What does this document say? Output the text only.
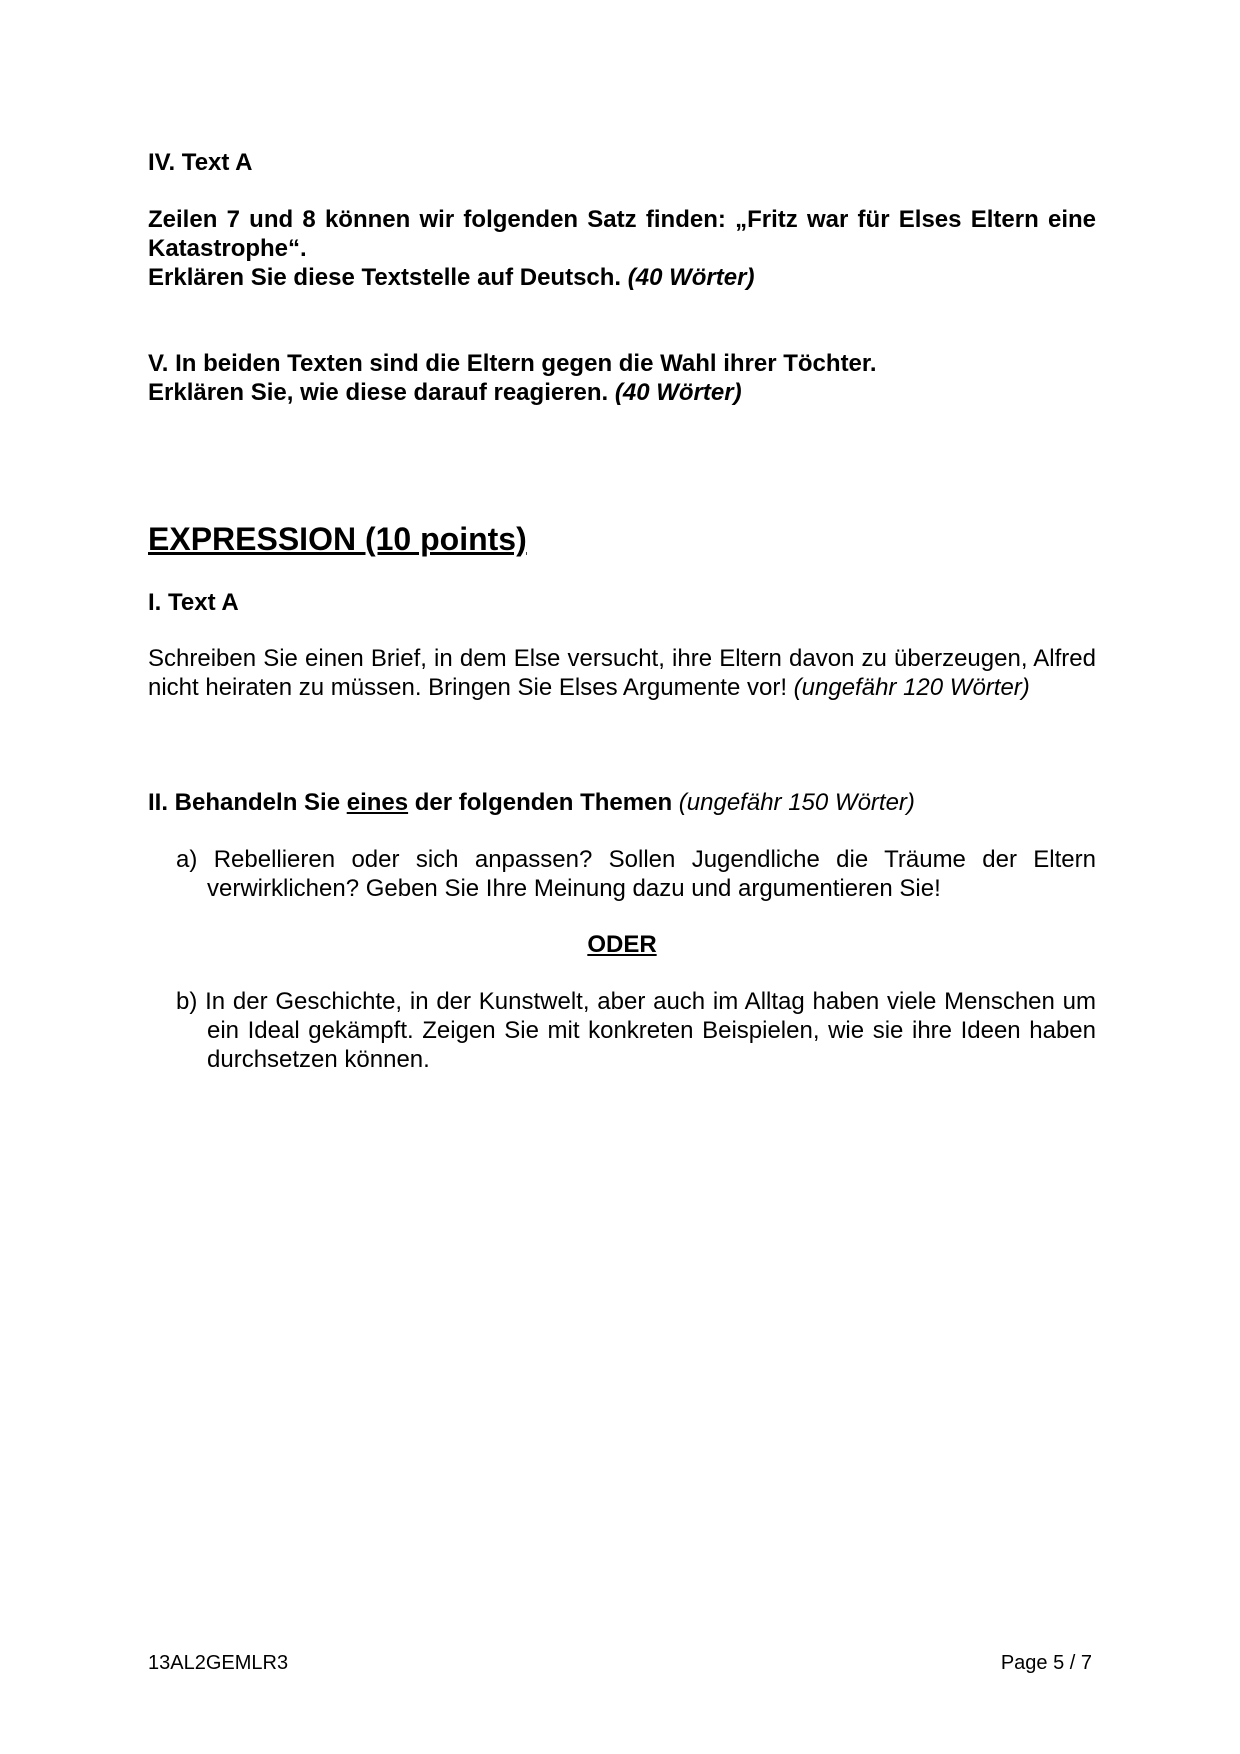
IV. Text A
Zeilen 7 und 8 können wir folgenden Satz finden: „Fritz war für Elses Eltern eine Katastrophe“.
Erklären Sie diese Textstelle auf Deutsch. (40 Wörter)
V. In beiden Texten sind die Eltern gegen die Wahl ihrer Töchter.
Erklären Sie, wie diese darauf reagieren. (40 Wörter)
EXPRESSION (10 points)
I. Text A
Schreiben Sie einen Brief, in dem Else versucht, ihre Eltern davon zu überzeugen, Alfred nicht heiraten zu müssen. Bringen Sie Elses Argumente vor! (ungefähr 120 Wörter)
II. Behandeln Sie eines der folgenden Themen (ungefähr 150 Wörter)
a) Rebellieren oder sich anpassen? Sollen Jugendliche die Träume der Eltern verwirklichen? Geben Sie Ihre Meinung dazu und argumentieren Sie!
ODER
b) In der Geschichte, in der Kunstwelt, aber auch im Alltag haben viele Menschen um ein Ideal gekämpft. Zeigen Sie mit konkreten Beispielen, wie sie ihre Ideen haben durchsetzen können.
13AL2GEMLR3	Page 5 / 7
